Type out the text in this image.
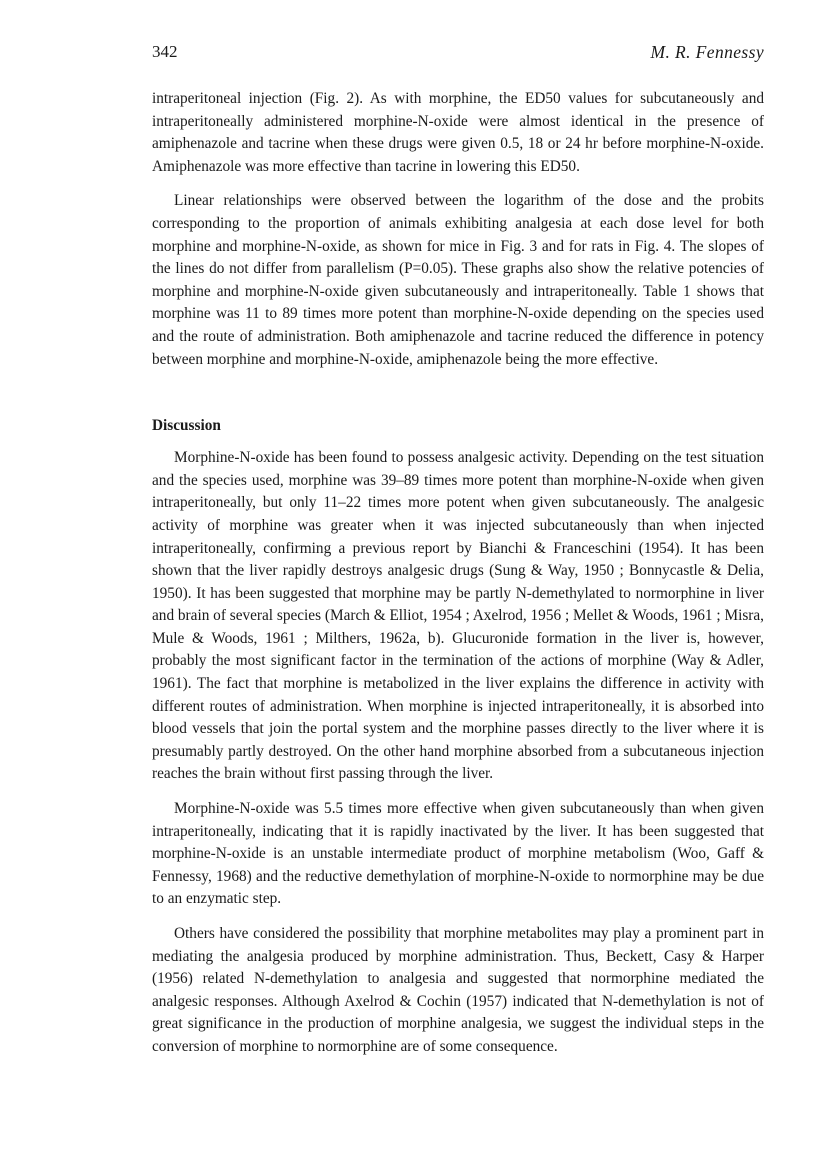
342	M. R. Fennessy

intraperitoneal injection (Fig. 2). As with morphine, the ED50 values for subcutaneously and intraperitoneally administered morphine-N-oxide were almost identical in the presence of amiphenazole and tacrine when these drugs were given 0.5, 18 or 24 hr before morphine-N-oxide. Amiphenazole was more effective than tacrine in lowering this ED50.

Linear relationships were observed between the logarithm of the dose and the probits corresponding to the proportion of animals exhibiting analgesia at each dose level for both morphine and morphine-N-oxide, as shown for mice in Fig. 3 and for rats in Fig. 4. The slopes of the lines do not differ from parallelism (P=0.05). These graphs also show the relative potencies of morphine and morphine-N-oxide given subcutaneously and intraperitoneally. Table 1 shows that morphine was 11 to 89 times more potent than morphine-N-oxide depending on the species used and the route of administration. Both amiphenazole and tacrine reduced the difference in potency between morphine and morphine-N-oxide, amiphenazole being the more effective.

Discussion

Morphine-N-oxide has been found to possess analgesic activity. Depending on the test situation and the species used, morphine was 39–89 times more potent than morphine-N-oxide when given intraperitoneally, but only 11–22 times more potent when given subcutaneously. The analgesic activity of morphine was greater when it was injected subcutaneously than when injected intraperitoneally, confirming a previous report by Bianchi & Franceschini (1954). It has been shown that the liver rapidly destroys analgesic drugs (Sung & Way, 1950 ; Bonnycastle & Delia, 1950). It has been suggested that morphine may be partly N-demethylated to normorphine in liver and brain of several species (March & Elliot, 1954 ; Axelrod, 1956 ; Mellet & Woods, 1961 ; Misra, Mule & Woods, 1961 ; Milthers, 1962a, b). Glucuronide formation in the liver is, however, probably the most significant factor in the termination of the actions of morphine (Way & Adler, 1961). The fact that morphine is metabolized in the liver explains the difference in activity with different routes of administration. When morphine is injected intraperitoneally, it is absorbed into blood vessels that join the portal system and the morphine passes directly to the liver where it is presumably partly destroyed. On the other hand morphine absorbed from a subcutaneous injection reaches the brain without first passing through the liver.

Morphine-N-oxide was 5.5 times more effective when given subcutaneously than when given intraperitoneally, indicating that it is rapidly inactivated by the liver. It has been suggested that morphine-N-oxide is an unstable intermediate product of morphine metabolism (Woo, Gaff & Fennessy, 1968) and the reductive demethylation of morphine-N-oxide to normorphine may be due to an enzymatic step.

Others have considered the possibility that morphine metabolites may play a prominent part in mediating the analgesia produced by morphine administration. Thus, Beckett, Casy & Harper (1956) related N-demethylation to analgesia and suggested that normorphine mediated the analgesic responses. Although Axelrod & Cochin (1957) indicated that N-demethylation is not of great significance in the production of morphine analgesia, we suggest the individual steps in the conversion of morphine to normorphine are of some consequence.
